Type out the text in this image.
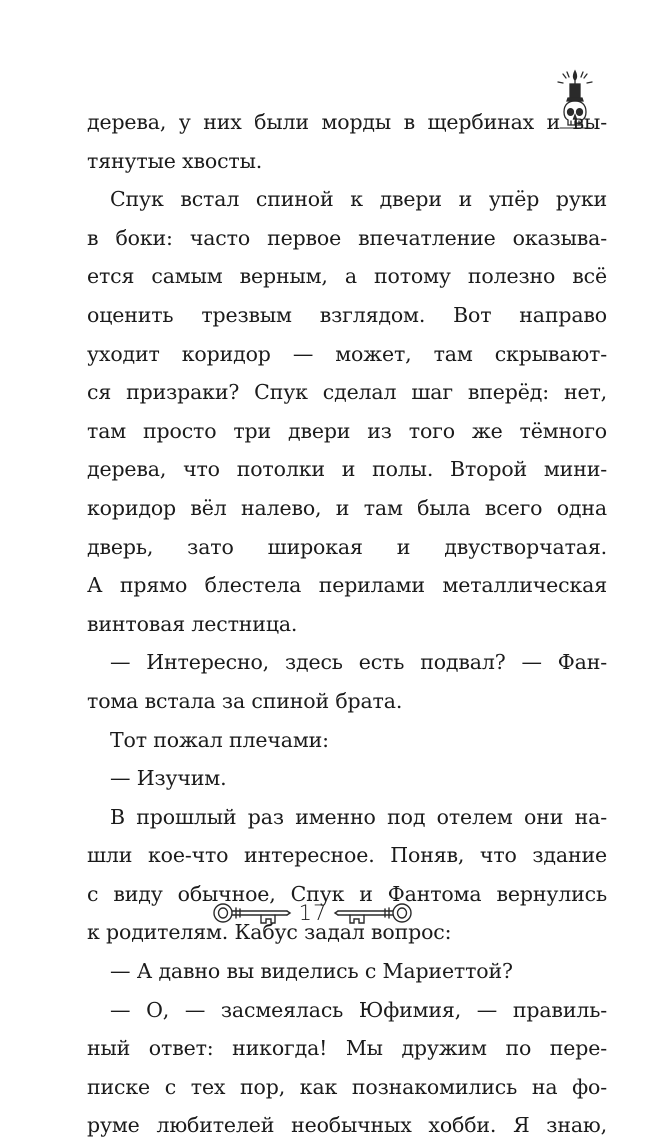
дерева, у них были морды в щербинах и вы-
тянутые хвосты.
Спук встал спиной к двери и упёр руки
в боки: часто первое впечатление оказыва-
ется самым верным, а потому полезно всё
оценить трезвым взглядом. Вот направо
уходит коридор — может, там скрывают-
ся призраки? Спук сделал шаг вперёд: нет,
там просто три двери из того же тёмного
дерева, что потолки и полы. Второй мини-
коридор вёл налево, и там была всего одна
дверь, зато широкая и двустворчатая.
А прямо блестела перилами металлическая
винтовая лестница.
— Интересно, здесь есть подвал? — Фан-
тома встала за спиной брата.
Тот пожал плечами:
— Изучим.
В прошлый раз именно под отелем они на-
шли кое-что интересное. Поняв, что здание
с виду обычное, Спук и Фантома вернулись
к родителям. Кабус задал вопрос:
— А давно вы виделись с Мариеттой?
— О, — засмеялась Юфимия, — правиль-
ный ответ: никогда! Мы дружим по пере-
писке с тех пор, как познакомились на фо-
руме любителей необычных хобби. Я знаю,
17
